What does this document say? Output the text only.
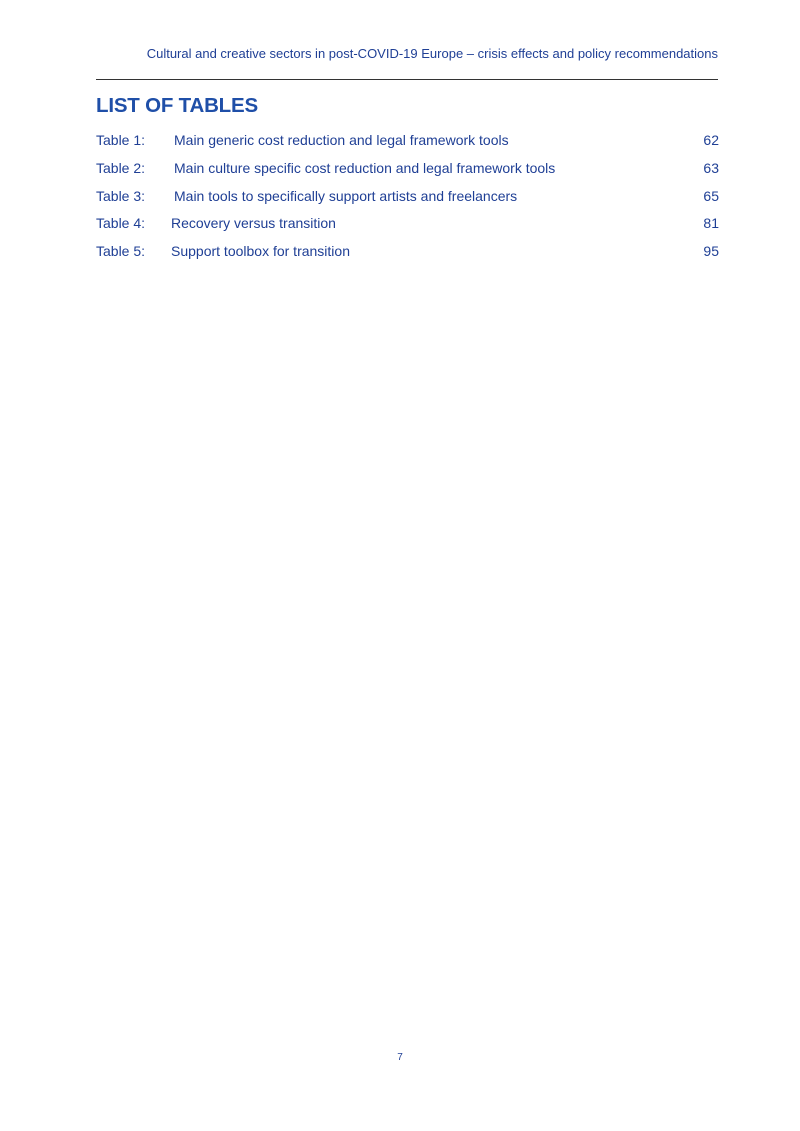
Cultural and creative sectors in post-COVID-19 Europe – crisis effects and policy recommendations
LIST OF TABLES
Table 1: Main generic cost reduction and legal framework tools	62
Table 2: Main culture specific cost reduction and legal framework tools	63
Table 3: Main tools to specifically support artists and freelancers	65
Table 4: Recovery versus transition	81
Table 5: Support toolbox for transition	95
7
